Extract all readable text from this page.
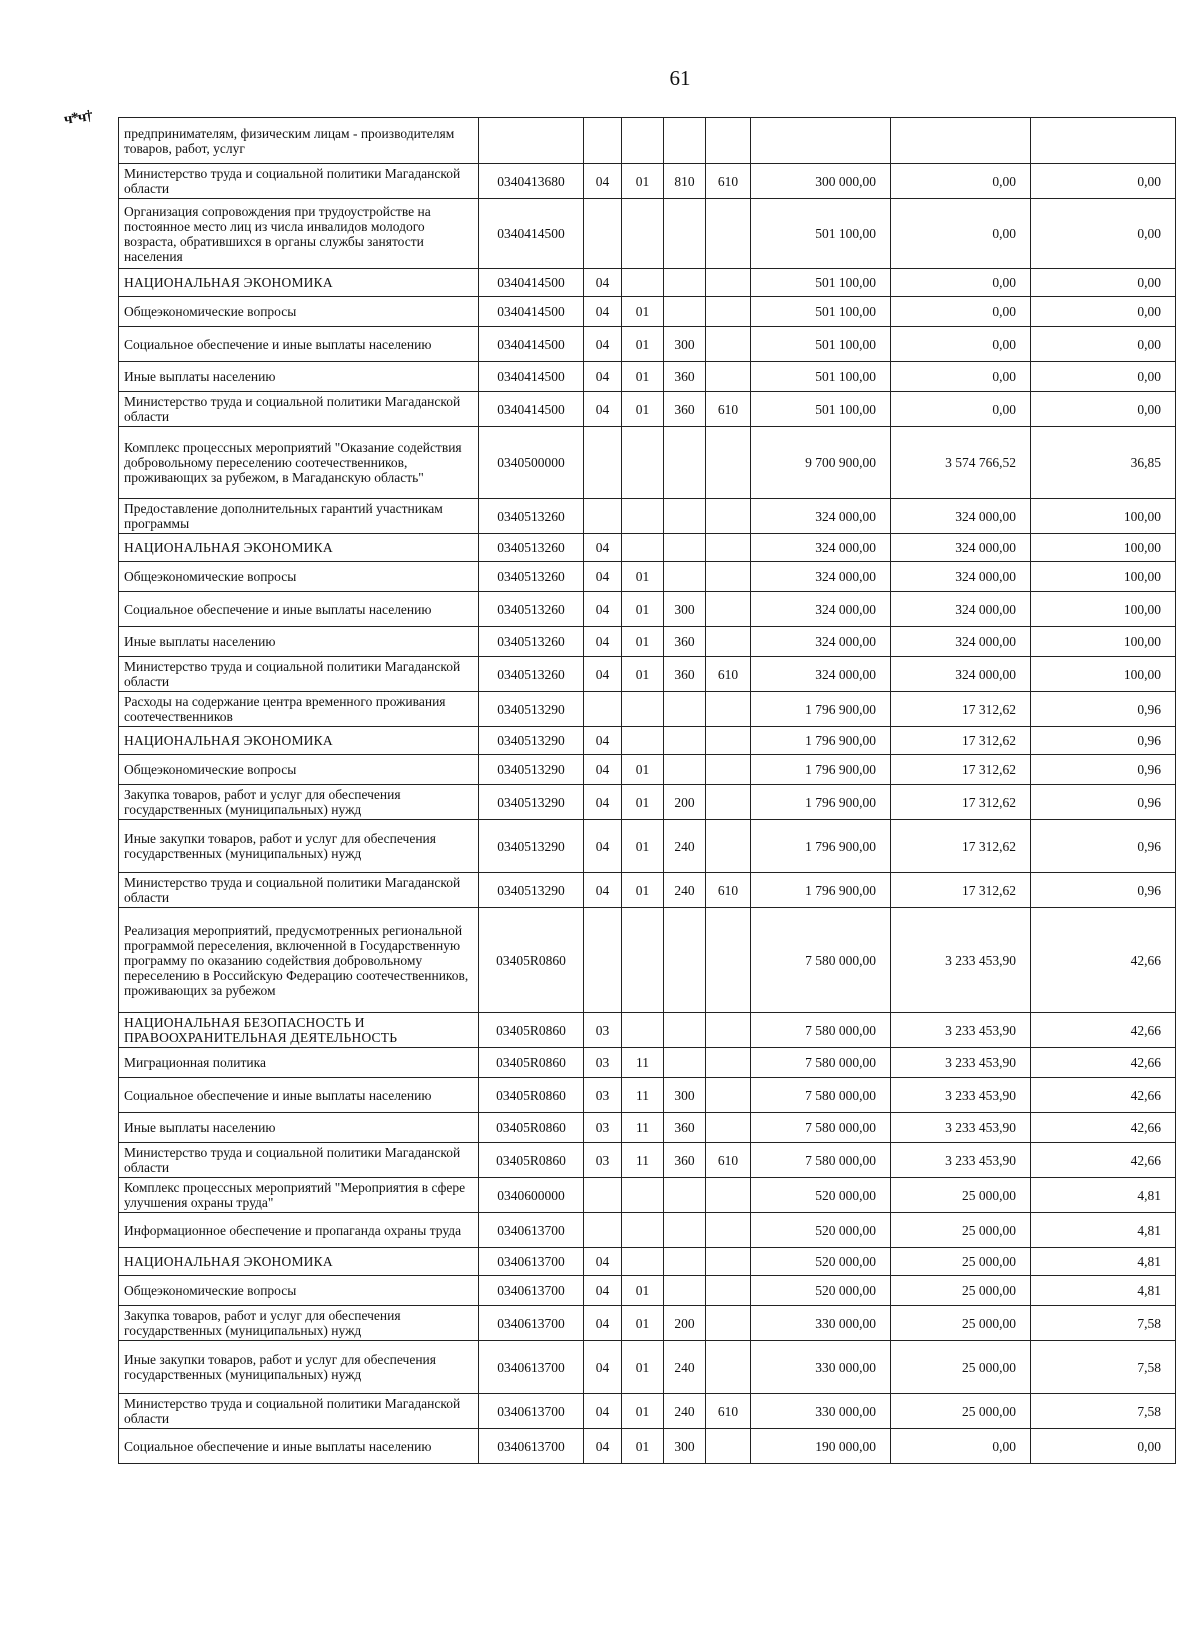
61
ч*ч†
предпринимателям, физическим лицам - производителям товаров, работ, услуг								
Министерство труда и социальной политики Магаданской области	0340413680	04	01	810	610	300 000,00	0,00	0,00
Организация сопровождения при трудоустройстве на постоянное место лиц из числа инвалидов молодого возраста, обратившихся в органы службы занятости населения	0340414500					501 100,00	0,00	0,00
НАЦИОНАЛЬНАЯ ЭКОНОМИКА	0340414500	04				501 100,00	0,00	0,00
Общеэкономические вопросы	0340414500	04	01			501 100,00	0,00	0,00
Социальное обеспечение и иные выплаты населению	0340414500	04	01	300		501 100,00	0,00	0,00
Иные выплаты населению	0340414500	04	01	360		501 100,00	0,00	0,00
Министерство труда и социальной политики Магаданской области	0340414500	04	01	360	610	501 100,00	0,00	0,00
Комплекс процессных мероприятий "Оказание содействия добровольному переселению соотечественников, проживающих за рубежом, в Магаданскую область"	0340500000					9 700 900,00	3 574 766,52	36,85
Предоставление дополнительных гарантий участникам программы	0340513260					324 000,00	324 000,00	100,00
НАЦИОНАЛЬНАЯ ЭКОНОМИКА	0340513260	04				324 000,00	324 000,00	100,00
Общеэкономические вопросы	0340513260	04	01			324 000,00	324 000,00	100,00
Социальное обеспечение и иные выплаты населению	0340513260	04	01	300		324 000,00	324 000,00	100,00
Иные выплаты населению	0340513260	04	01	360		324 000,00	324 000,00	100,00
Министерство труда и социальной политики Магаданской области	0340513260	04	01	360	610	324 000,00	324 000,00	100,00
Расходы на содержание центра временного проживания соотечественников	0340513290					1 796 900,00	17 312,62	0,96
НАЦИОНАЛЬНАЯ ЭКОНОМИКА	0340513290	04				1 796 900,00	17 312,62	0,96
Общеэкономические вопросы	0340513290	04	01			1 796 900,00	17 312,62	0,96
Закупка товаров, работ и услуг для обеспечения государственных (муниципальных) нужд	0340513290	04	01	200		1 796 900,00	17 312,62	0,96
Иные закупки товаров, работ и услуг для обеспечения государственных (муниципальных) нужд	0340513290	04	01	240		1 796 900,00	17 312,62	0,96
Министерство труда и социальной политики Магаданской области	0340513290	04	01	240	610	1 796 900,00	17 312,62	0,96
Реализация мероприятий, предусмотренных региональной программой переселения, включенной в Государственную программу по оказанию содействия добровольному переселению в Российскую Федерацию соотечественников, проживающих за рубежом	03405R0860					7 580 000,00	3 233 453,90	42,66
НАЦИОНАЛЬНАЯ БЕЗОПАСНОСТЬ И ПРАВООХРАНИТЕЛЬНАЯ ДЕЯТЕЛЬНОСТЬ	03405R0860	03				7 580 000,00	3 233 453,90	42,66
Миграционная политика	03405R0860	03	11			7 580 000,00	3 233 453,90	42,66
Социальное обеспечение и иные выплаты населению	03405R0860	03	11	300		7 580 000,00	3 233 453,90	42,66
Иные выплаты населению	03405R0860	03	11	360		7 580 000,00	3 233 453,90	42,66
Министерство труда и социальной политики Магаданской области	03405R0860	03	11	360	610	7 580 000,00	3 233 453,90	42,66
Комплекс процессных мероприятий "Мероприятия в сфере улучшения охраны труда"	0340600000					520 000,00	25 000,00	4,81
Информационное обеспечение и пропаганда охраны труда	0340613700					520 000,00	25 000,00	4,81
НАЦИОНАЛЬНАЯ ЭКОНОМИКА	0340613700	04				520 000,00	25 000,00	4,81
Общеэкономические вопросы	0340613700	04	01			520 000,00	25 000,00	4,81
Закупка товаров, работ и услуг для обеспечения государственных (муниципальных) нужд	0340613700	04	01	200		330 000,00	25 000,00	7,58
Иные закупки товаров, работ и услуг для обеспечения государственных (муниципальных) нужд	0340613700	04	01	240		330 000,00	25 000,00	7,58
Министерство труда и социальной политики Магаданской области	0340613700	04	01	240	610	330 000,00	25 000,00	7,58
Социальное обеспечение и иные выплаты населению	0340613700	04	01	300		190 000,00	0,00	0,00
